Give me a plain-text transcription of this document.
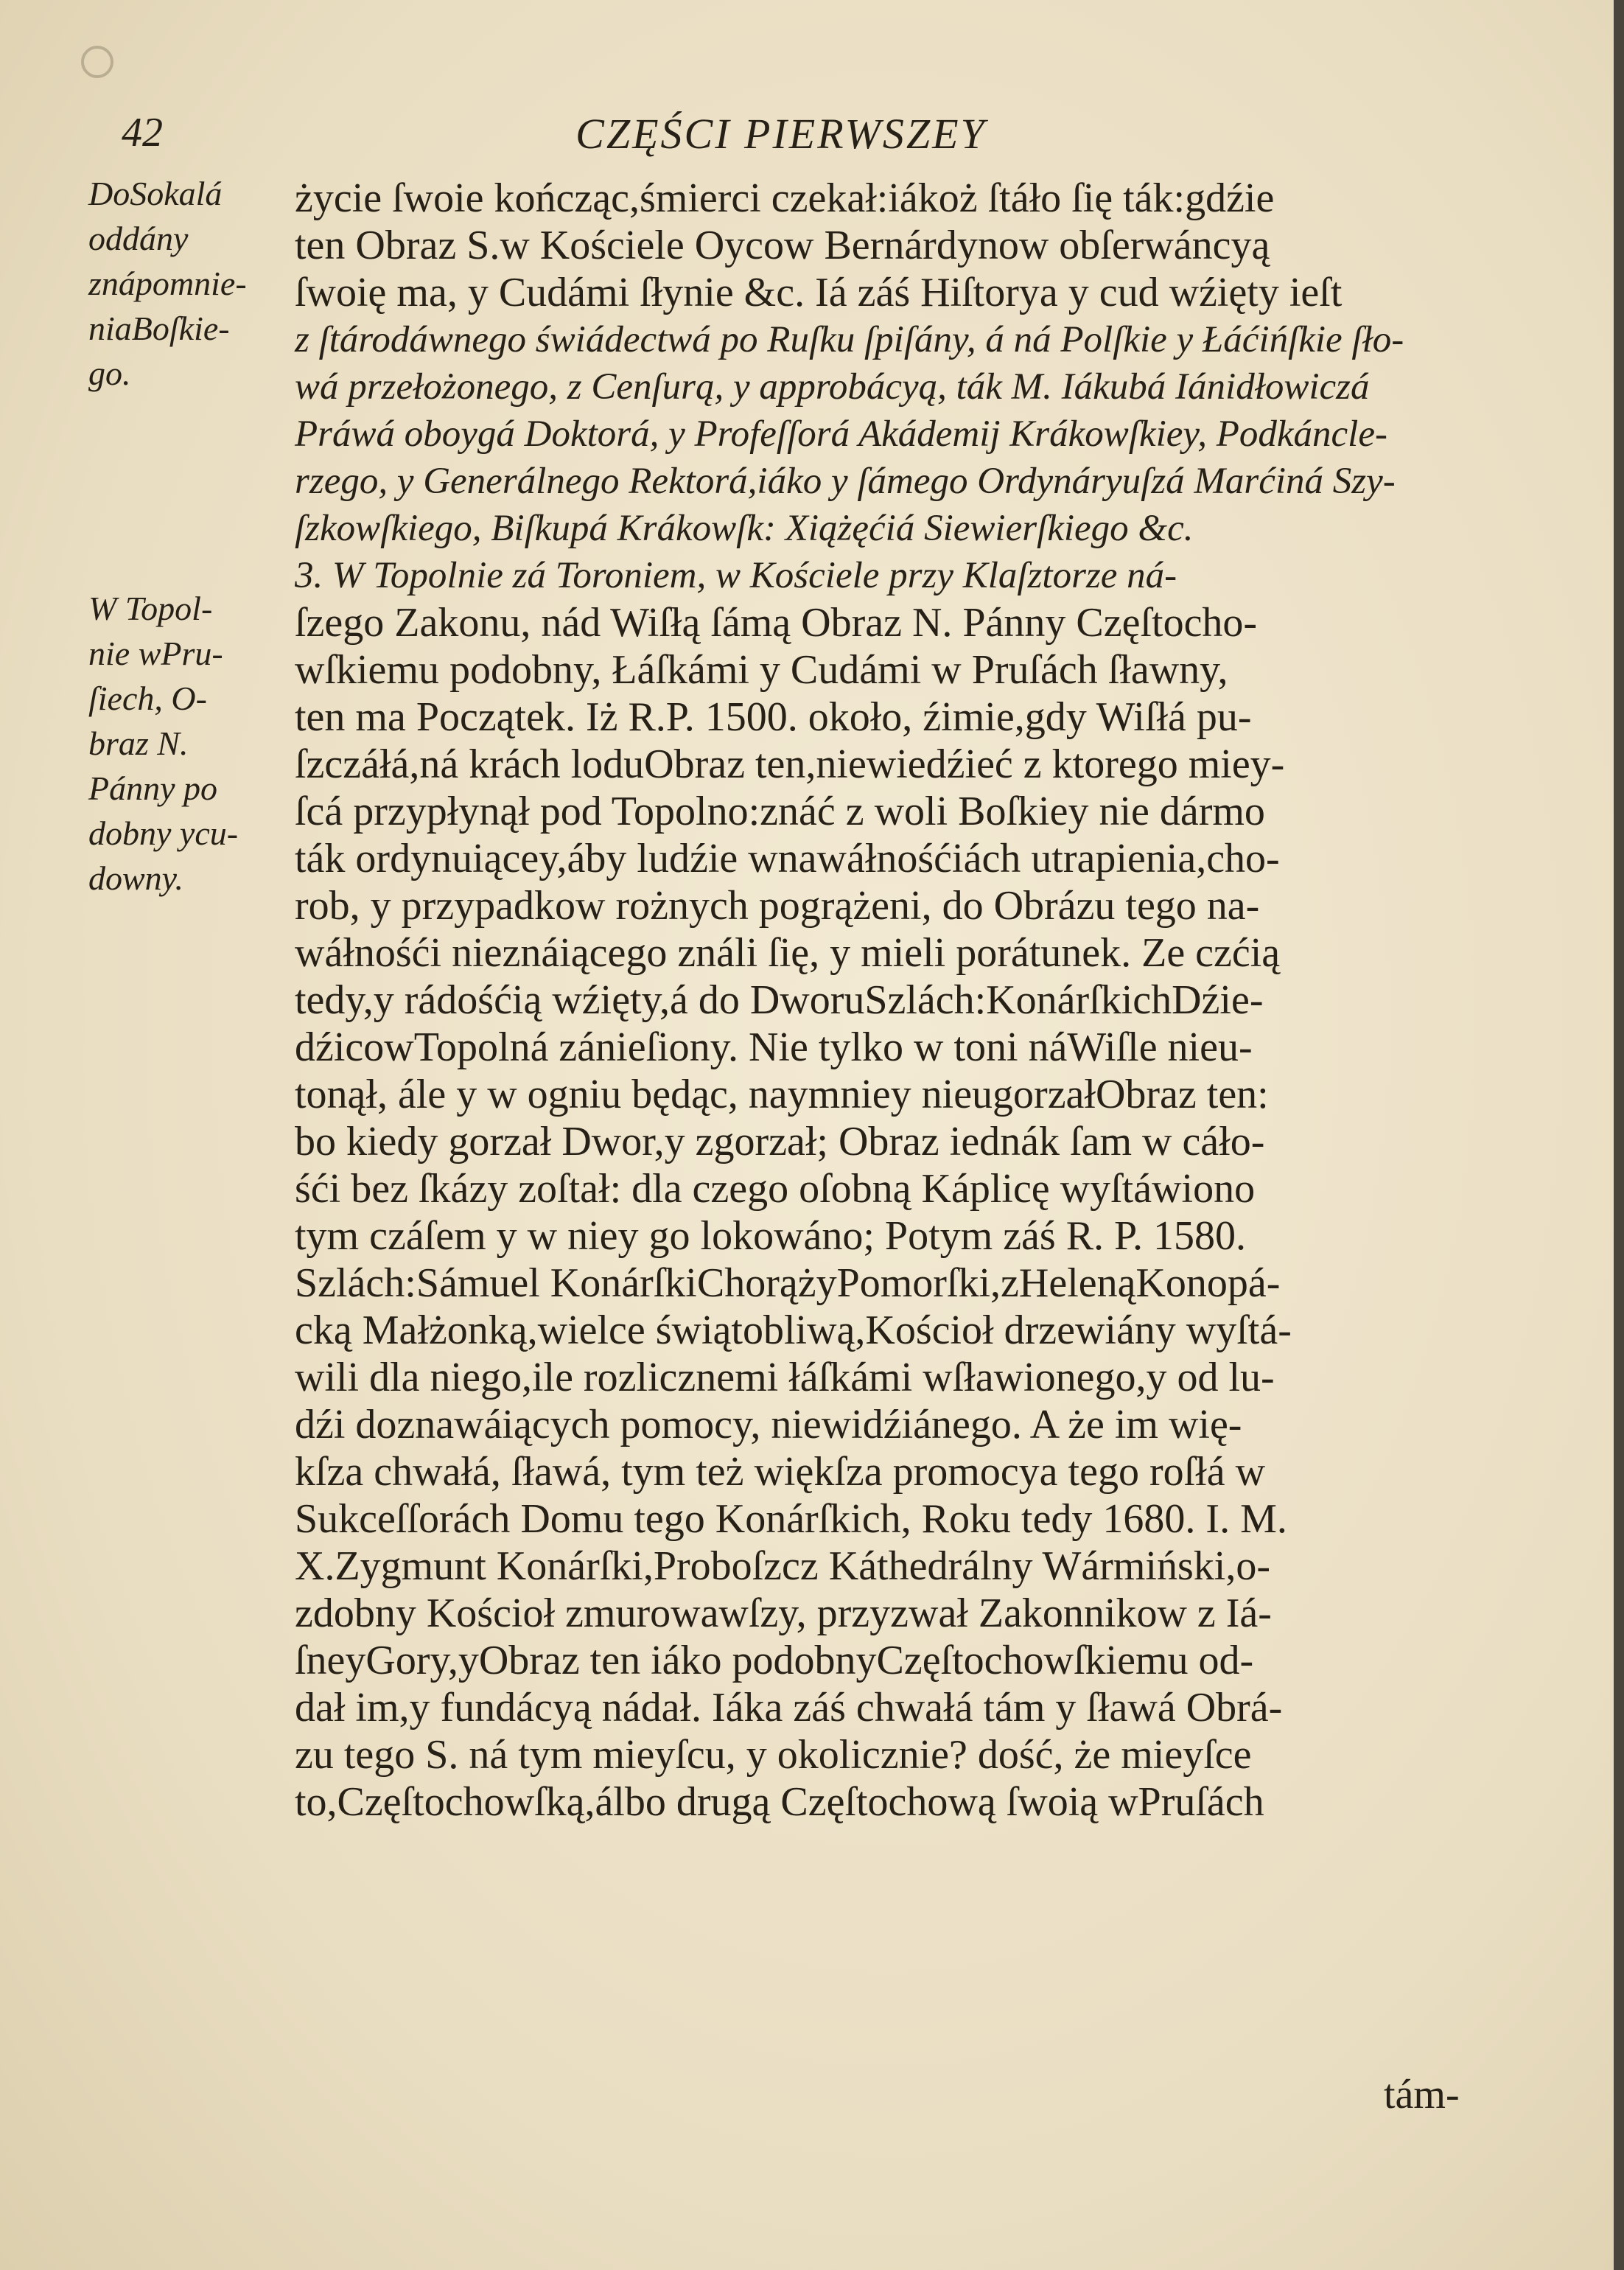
42	CZĘŚCI PIERWSZEY
DoSokalá
oddány
znápomnie-
niaBoſkie-
go.
W Topol-
nie wPru-
ſiech, O-
braz N.
Pánny po
dobny ycu-
downy.
życie ſwoie kończąc,śmierci czekał:iákoż ſtáło ſię ták:gdźie
ten Obraz S.w Kościele Oycow Bernárdynow obſerwáncyą
ſwoię ma, y Cudámi ſłynie &c. Iá záś Hiſtorya y cud wźięty ieſt
z ſtárodáwnego świádectwá po Ruſku ſpiſány, á ná Polſkie y Łáćińſkie ſło-
wá przełożonego, z Cenſurą, y approbácyą, ták M. Iákubá Iánidłowiczá
Práwá oboygá Doktorá, y Profeſſorá Akádemij Krákowſkiey, Podkáncle-
rzego, y Generálnego Rektorá,iáko y ſámego Ordynáryuſzá Marćiná Szy-
ſzkowſkiego, Biſkupá Krákowſk: Xiążęćiá Siewierſkiego &c.
3. W Topolnie zá Toroniem, w Kościele przy Klaſztorze ná-
ſzego Zakonu, nád Wiſłą ſámą Obraz N. Pánny Częſtocho-
wſkiemu podobny, Łáſkámi y Cudámi w Pruſách ſławny,
ten ma Początek. Iż R.P. 1500. około, źimie,gdy Wiſłá pu-
ſzczáłá,ná krách loduObraz ten,niewiedźieć z ktorego miey-
ſcá przypłynął pod Topolno:znáć z woli Boſkiey nie dármo
ták ordynuiącey,áby ludźie wnawáłnośćiách utrapienia,cho-
rob, y przypadkow rożnych pogrążeni, do Obrázu tego na-
wáłnośći nieznáiącego ználi ſię, y mieli porátunek. Ze czćią
tedy,y rádośćią wźięty,á do DworuSzlách:KonárſkichDźie-
dźicowTopolná zánieſiony. Nie tylko w toni náWiſle nieu-
tonął, ále y w ogniu będąc, naymniey nieugorzałObraz ten:
bo kiedy gorzał Dwor,y zgorzał; Obraz iednák ſam w cáło-
śći bez ſkázy zoſtał: dla czego oſobną Káplicę wyſtáwiono
tym czáſem y w niey go lokowáno; Potym záś R. P. 1580.
Szlách:Sámuel KonárſkiChorążyPomorſki,zHelenąKonopá-
cką Małżonką,wielce świątobliwą,Kościoł drzewiány wyſtá-
wili dla niego,ile rozlicznemi łáſkámi wſławionego,y od lu-
dźi doznawáiących pomocy, niewidźiánego. A że im wię-
kſza chwałá, ſławá, tym też więkſza promocya tego roſłá w
Sukceſſorách Domu tego Konárſkich, Roku tedy 1680. I. M.
X.Zygmunt Konárſki,Proboſzcz Káthedrálny Wármiński,o-
zdobny Kościoł zmurowawſzy, przyzwał Zakonnikow z Iá-
ſneyGory,yObraz ten iáko podobnyCzęſtochowſkiemu od-
dał im,y fundácyą nádał. Iáka záś chwałá tám y ſławá Obrá-
zu tego S. ná tym mieyſcu, y okolicznie? dość, że mieyſce
to,Częſtochowſką,álbo drugą Częſtochową ſwoią wPruſách
tám-
